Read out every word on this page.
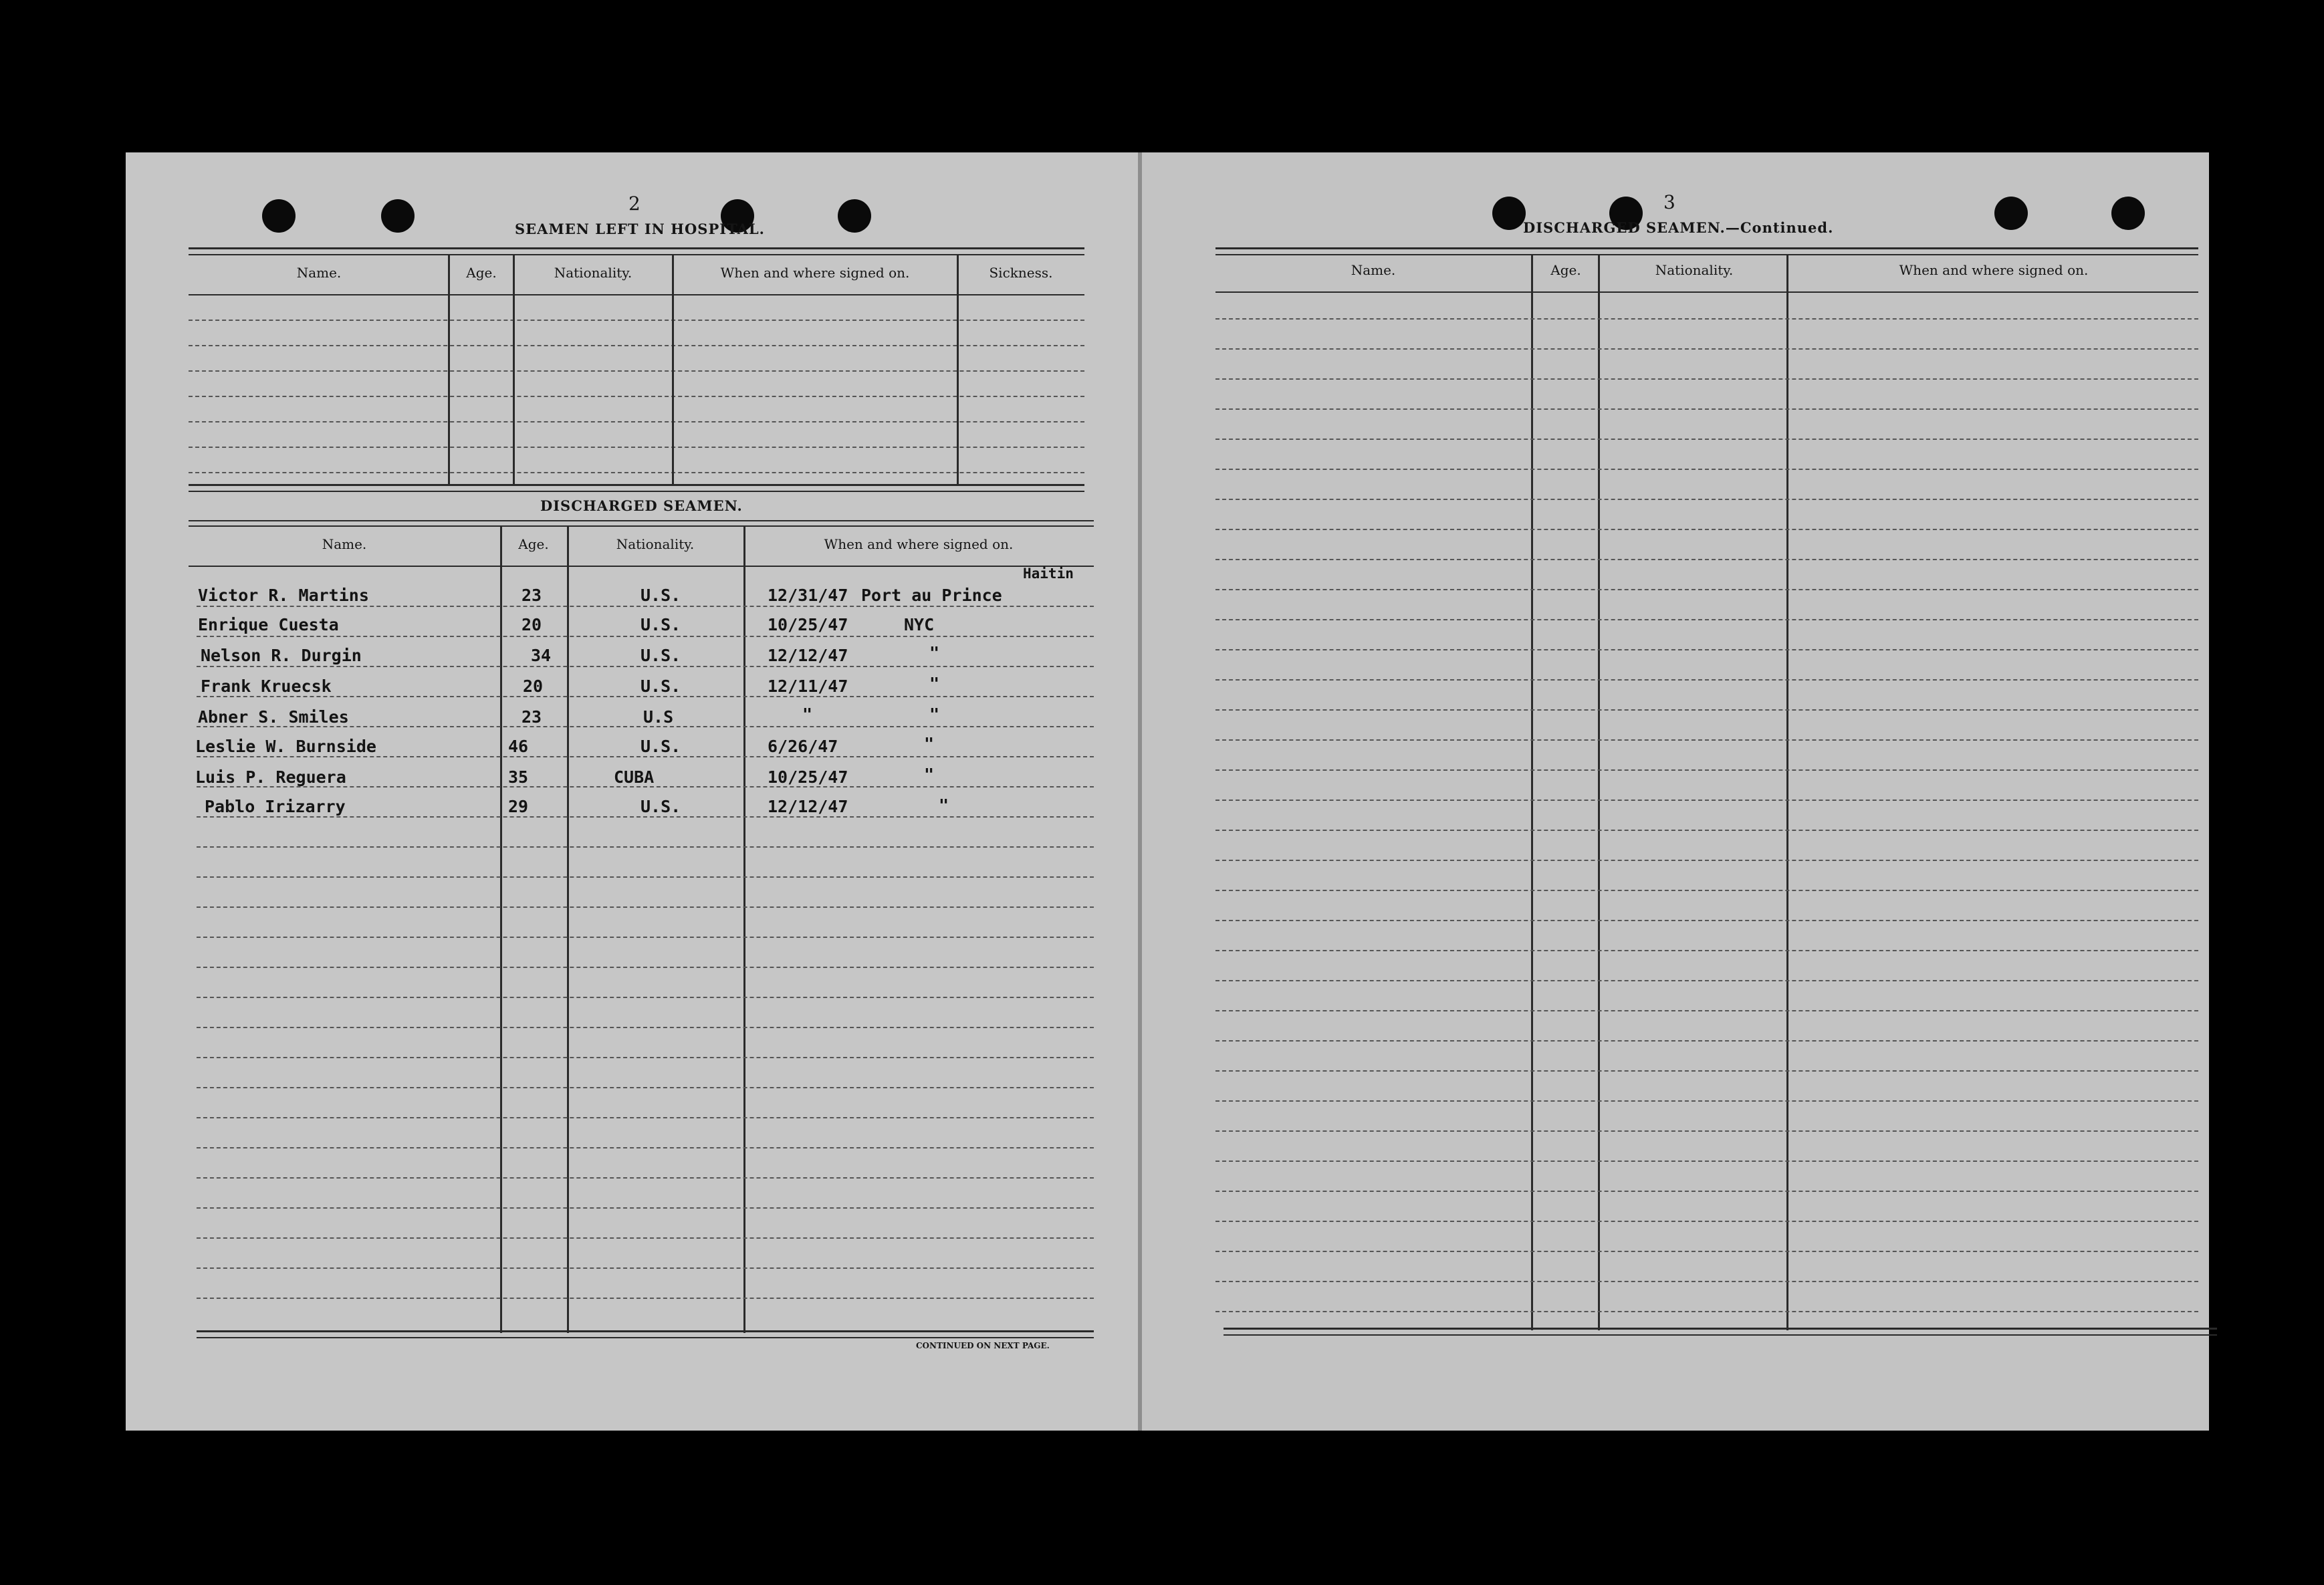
2
SEAMEN LEFT IN HOSPITAL.
Name.	Age.	Nationality.	When and where signed on.	Sickness.
DISCHARGED SEAMEN.
Name.	Age.	Nationality.	When and where signed on.
Haitin
Victor R. Martins	23	U.S.	12/31/47 Port au Prince
Enrique Cuesta	20	U.S.	10/25/47	NYC
Nelson R. Durgin	34	U.S.	12/12/47	"
Frank Kruecsk	20	U.S.	12/11/47	"
Abner S. Smiles	23	U.S	"	"
Leslie W. Burnside	46	U.S.	6/26/47	"
Luis P. Reguera	35	CUBA	10/25/47	"
Pablo Irizarry	29	U.S.	12/12/47	"
CONTINUED ON NEXT PAGE.
3
DISCHARGED SEAMEN.—Continued.
Name.	Age.	Nationality.	When and where signed on.
